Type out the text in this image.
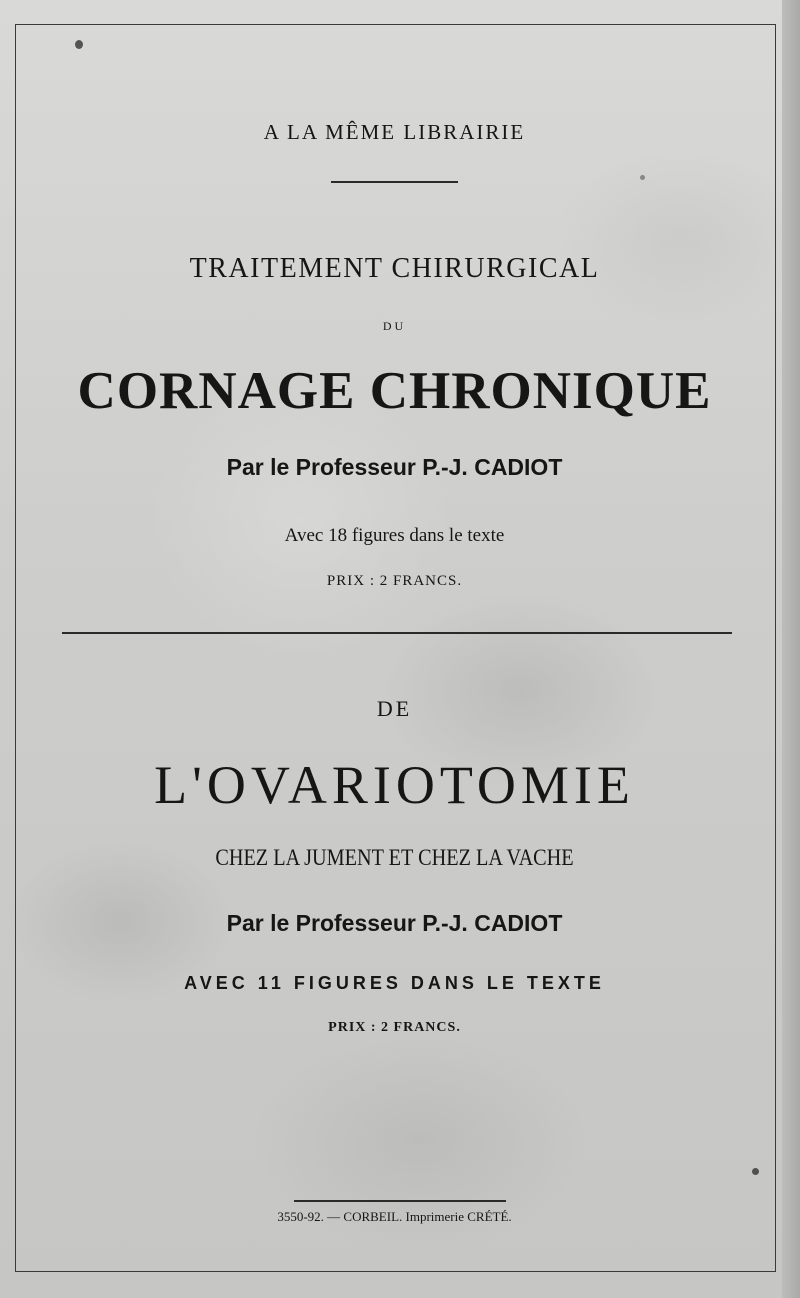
A LA MÊME LIBRAIRIE
TRAITEMENT CHIRURGICAL
DU
CORNAGE CHRONIQUE
Par le Professeur P.-J. CADIOT
Avec 18 figures dans le texte
PRIX : 2 FRANCS.
DE
L'OVARIOTOMIE
CHEZ LA JUMENT ET CHEZ LA VACHE
Par le Professeur P.-J. CADIOT
AVEC 11 FIGURES DANS LE TEXTE
PRIX : 2 FRANCS.
3550-92. — CORBEIL. Imprimerie CRÉTÉ.
